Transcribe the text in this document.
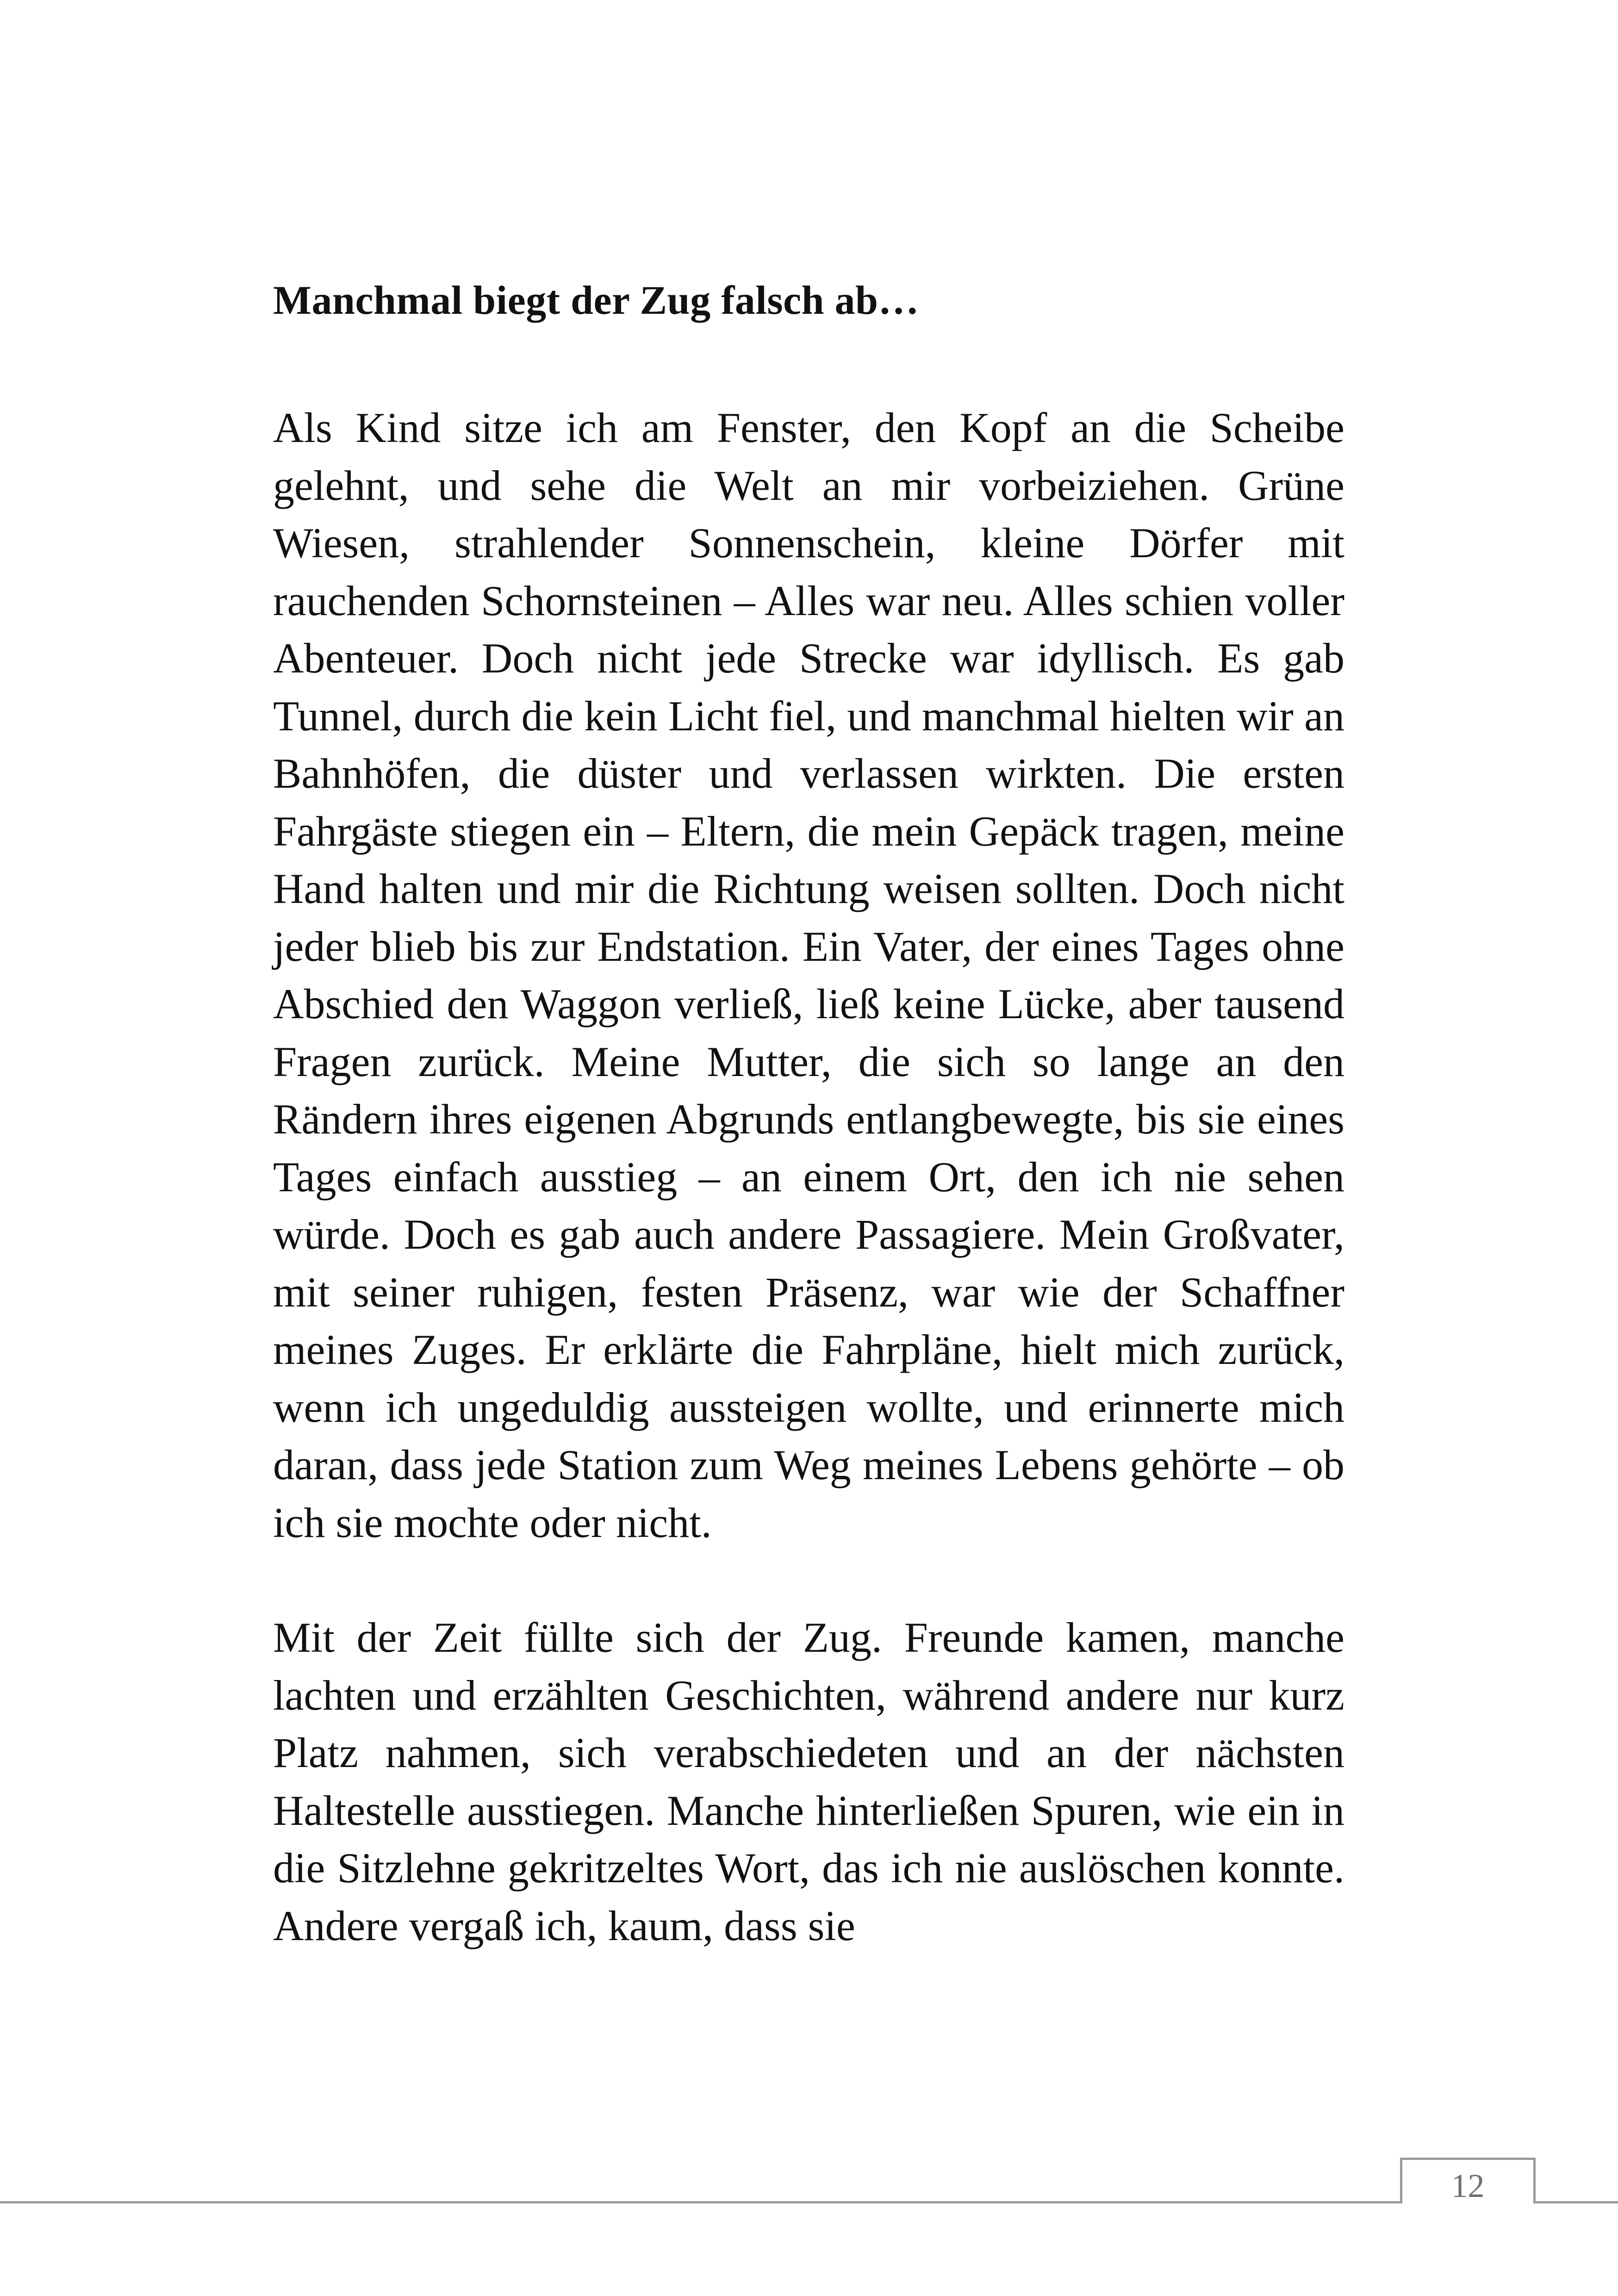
Manchmal biegt der Zug falsch ab…

Als Kind sitze ich am Fenster, den Kopf an die Scheibe gelehnt, und sehe die Welt an mir vorbeiziehen. Grüne Wiesen, strahlender Sonnenschein, kleine Dörfer mit rauchenden Schornsteinen – Alles war neu. Alles schien voller Abenteuer. Doch nicht jede Strecke war idyllisch. Es gab Tunnel, durch die kein Licht fiel, und manchmal hielten wir an Bahnhöfen, die düster und verlassen wirkten. Die ersten Fahrgäste stiegen ein – Eltern, die mein Gepäck tragen, meine Hand halten und mir die Richtung weisen sollten. Doch nicht jeder blieb bis zur Endstation. Ein Vater, der eines Tages ohne Abschied den Waggon verließ, ließ keine Lücke, aber tausend Fragen zurück. Meine Mutter, die sich so lange an den Rändern ihres eigenen Abgrunds entlangbewegte, bis sie eines Tages einfach ausstieg – an einem Ort, den ich nie sehen würde. Doch es gab auch andere Passagiere. Mein Großvater, mit seiner ruhigen, festen Präsenz, war wie der Schaffner meines Zuges. Er erklärte die Fahrpläne, hielt mich zurück, wenn ich ungeduldig aussteigen wollte, und erinnerte mich daran, dass jede Station zum Weg meines Lebens gehörte – ob ich sie mochte oder nicht.

Mit der Zeit füllte sich der Zug. Freunde kamen, manche lachten und erzählten Geschichten, während andere nur kurz Platz nahmen, sich verabschiedeten und an der nächsten Haltestelle ausstiegen. Manche hinterließen Spuren, wie ein in die Sitzlehne gekritzeltes Wort, das ich nie auslöschen konnte. Andere vergaß ich, kaum, dass sie

12
